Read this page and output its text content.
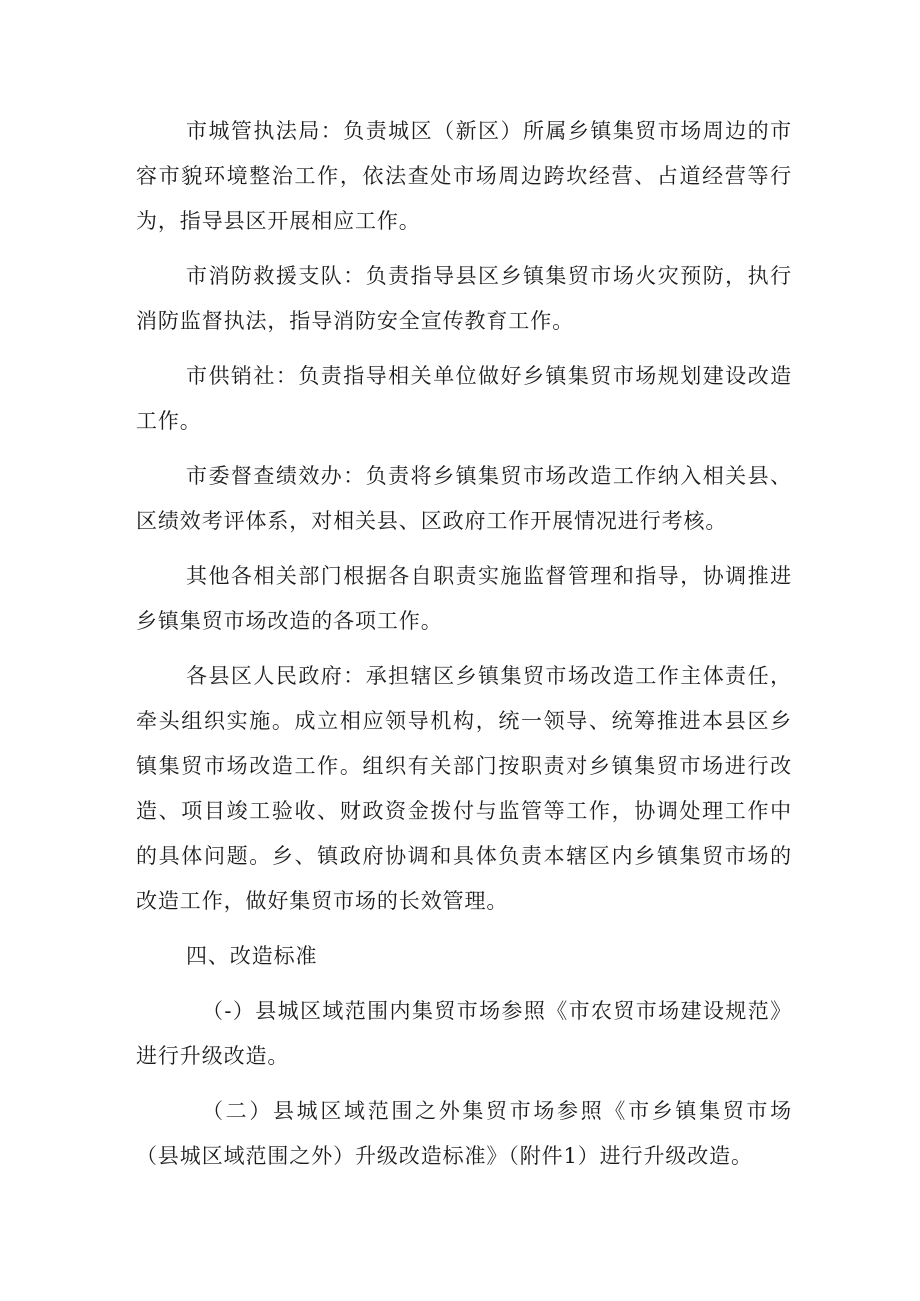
市城管执法局：负责城区（新区）所属乡镇集贸市场周边的市容市貌环境整治工作，依法查处市场周边跨坎经营、占道经营等行为，指导县区开展相应工作。

市消防救援支队：负责指导县区乡镇集贸市场火灾预防，执行消防监督执法，指导消防安全宣传教育工作。

市供销社：负责指导相关单位做好乡镇集贸市场规划建设改造工作。

市委督查绩效办：负责将乡镇集贸市场改造工作纳入相关县、区绩效考评体系，对相关县、区政府工作开展情况进行考核。

其他各相关部门根据各自职责实施监督管理和指导，协调推进乡镇集贸市场改造的各项工作。

各县区人民政府：承担辖区乡镇集贸市场改造工作主体责任，牵头组织实施。成立相应领导机构，统一领导、统筹推进本县区乡镇集贸市场改造工作。组织有关部门按职责对乡镇集贸市场进行改造、项目竣工验收、财政资金拨付与监管等工作，协调处理工作中的具体问题。乡、镇政府协调和具体负责本辖区内乡镇集贸市场的改造工作，做好集贸市场的长效管理。

四、改造标准

（-）县城区域范围内集贸市场参照《市农贸市场建设规范》进行升级改造。

（二）县城区域范围之外集贸市场参照《市乡镇集贸市场（县城区域范围之外）升级改造标准》（附件1）进行升级改造。
